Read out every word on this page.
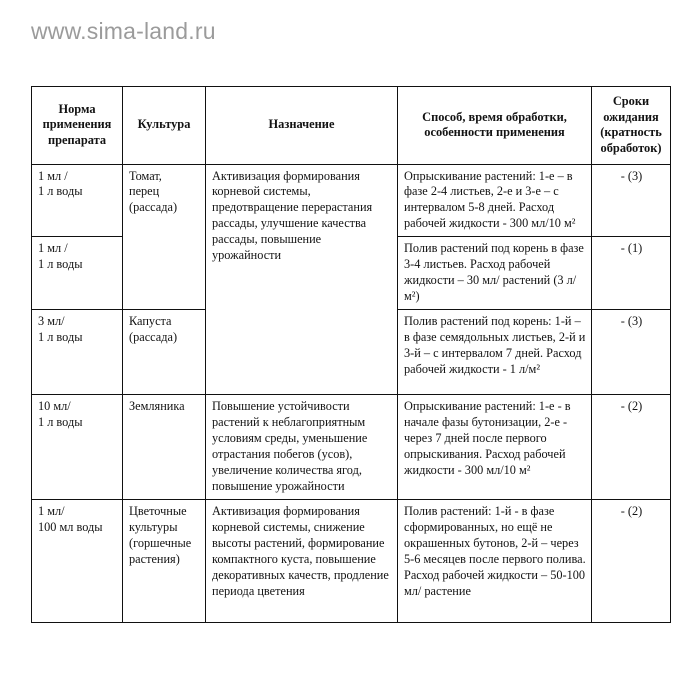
www.sima-land.ru
Норма применения препарата	Культура	Назначение	Способ, время обработки, особенности применения	Сроки ожидания (кратность обработок)
1 мл /
1 л воды	Томат,
перец
(рассада)	Активизация формирования корневой системы, предотвращение перерастания рассады, улучшение качества рассады, повышение урожайности	Опрыскивание растений: 1-е – в фазе 2-4 листьев, 2-е и 3-е – с интервалом 5-8 дней. Расход рабочей жидкости - 300 мл/10 м²	- (3)
1 мл /
1 л воды			Полив растений под корень в фазе 3-4 листьев. Расход рабочей жидкости – 30 мл/ растений (3 л/м²)	- (1)
3 мл/
1 л воды	Капуста
(рассада)		Полив растений под корень: 1-й – в фазе семядольных листьев, 2-й и 3-й – с интервалом 7 дней. Расход рабочей жидкости - 1 л/м²	- (3)
10 мл/
1 л воды	Земляника	Повышение устойчивости растений к неблагоприятным условиям среды, уменьшение отрастания побегов (усов), увеличение количества ягод, повышение урожайности	Опрыскивание растений: 1-е - в начале фазы бутонизации, 2-е - через 7 дней после первого опрыскивания. Расход рабочей жидкости - 300 мл/10 м²	- (2)
1 мл/
100 мл воды	Цветочные культуры (горшечные растения)	Активизация формирования корневой системы, снижение высоты растений, формирование компактного куста, повышение декоративных качеств, продление периода цветения	Полив растений: 1-й - в фазе сформированных, но ещё не окрашенных бутонов, 2-й – через 5-6 месяцев после первого полива. Расход рабочей жидкости – 50-100 мл/ растение	- (2)
